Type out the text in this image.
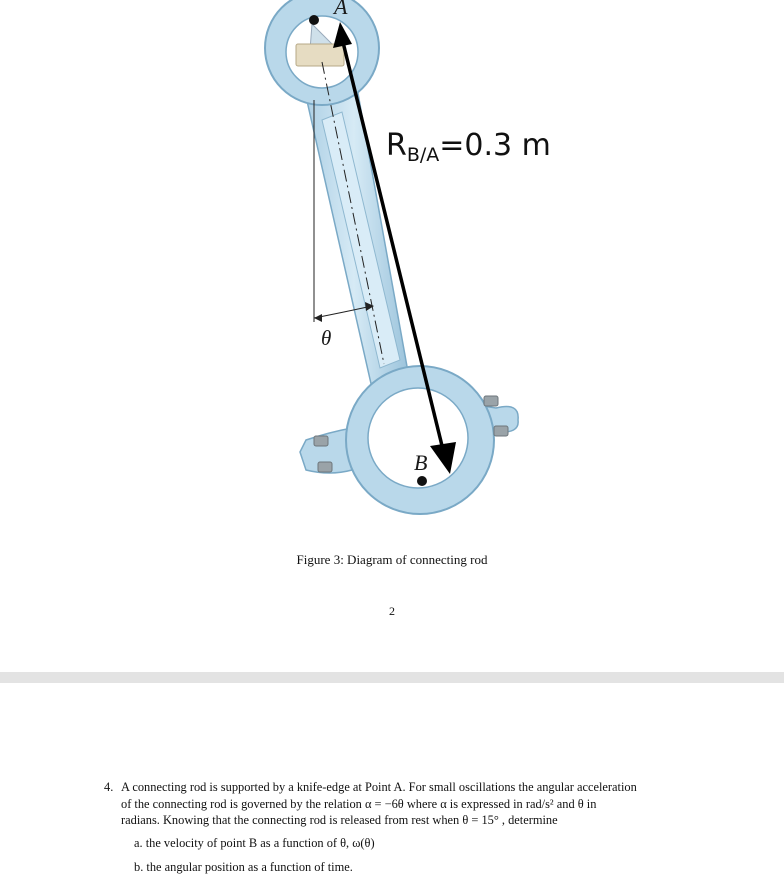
A
B
θ
$R_{B/A}=0.3$ m
Figure 3: Diagram of connecting rod
2
4. A connecting rod is supported by a knife-edge at Point A. For small oscillations the angular acceleration
of the connecting rod is governed by the relation α = −6θ where α is expressed in rad/s² and θ in
radians. Knowing that the connecting rod is released from rest when θ = 15° , determine
a. the velocity of point B as a function of θ, ω(θ)
b. the angular position as a function of time.
